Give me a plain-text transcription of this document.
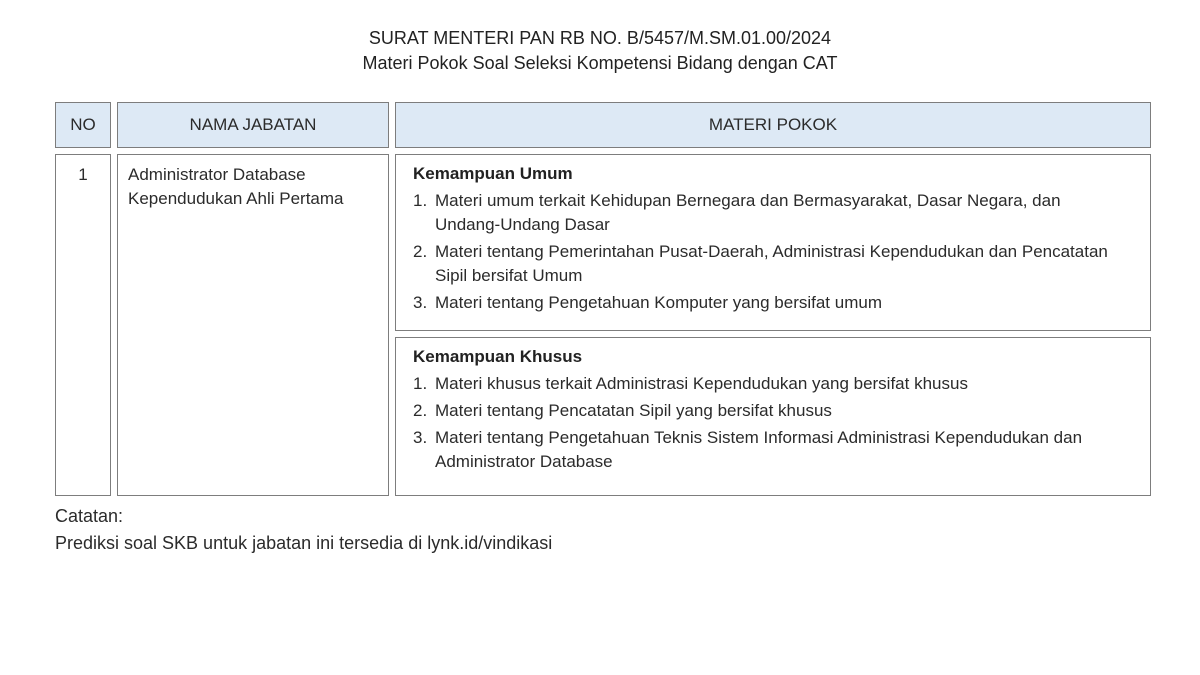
SURAT MENTERI PAN RB NO. B/5457/M.SM.01.00/2024
Materi Pokok Soal Seleksi Kompetensi Bidang dengan CAT
NO	NAMA JABATAN	MATERI POKOK
1	Administrator Database Kependudukan Ahli Pertama
Kemampuan Umum
1. Materi umum terkait Kehidupan Bernegara dan Bermasyarakat, Dasar Negara, dan Undang-Undang Dasar
2. Materi tentang Pemerintahan Pusat-Daerah, Administrasi Kependudukan dan Pencatatan Sipil bersifat Umum
3. Materi tentang Pengetahuan Komputer yang bersifat umum
Kemampuan Khusus
1. Materi khusus terkait Administrasi Kependudukan yang bersifat khusus
2. Materi tentang Pencatatan Sipil yang bersifat khusus
3. Materi tentang Pengetahuan Teknis Sistem Informasi Administrasi Kependudukan dan Administrator Database
Catatan:
Prediksi soal SKB untuk jabatan ini tersedia di lynk.id/vindikasi
